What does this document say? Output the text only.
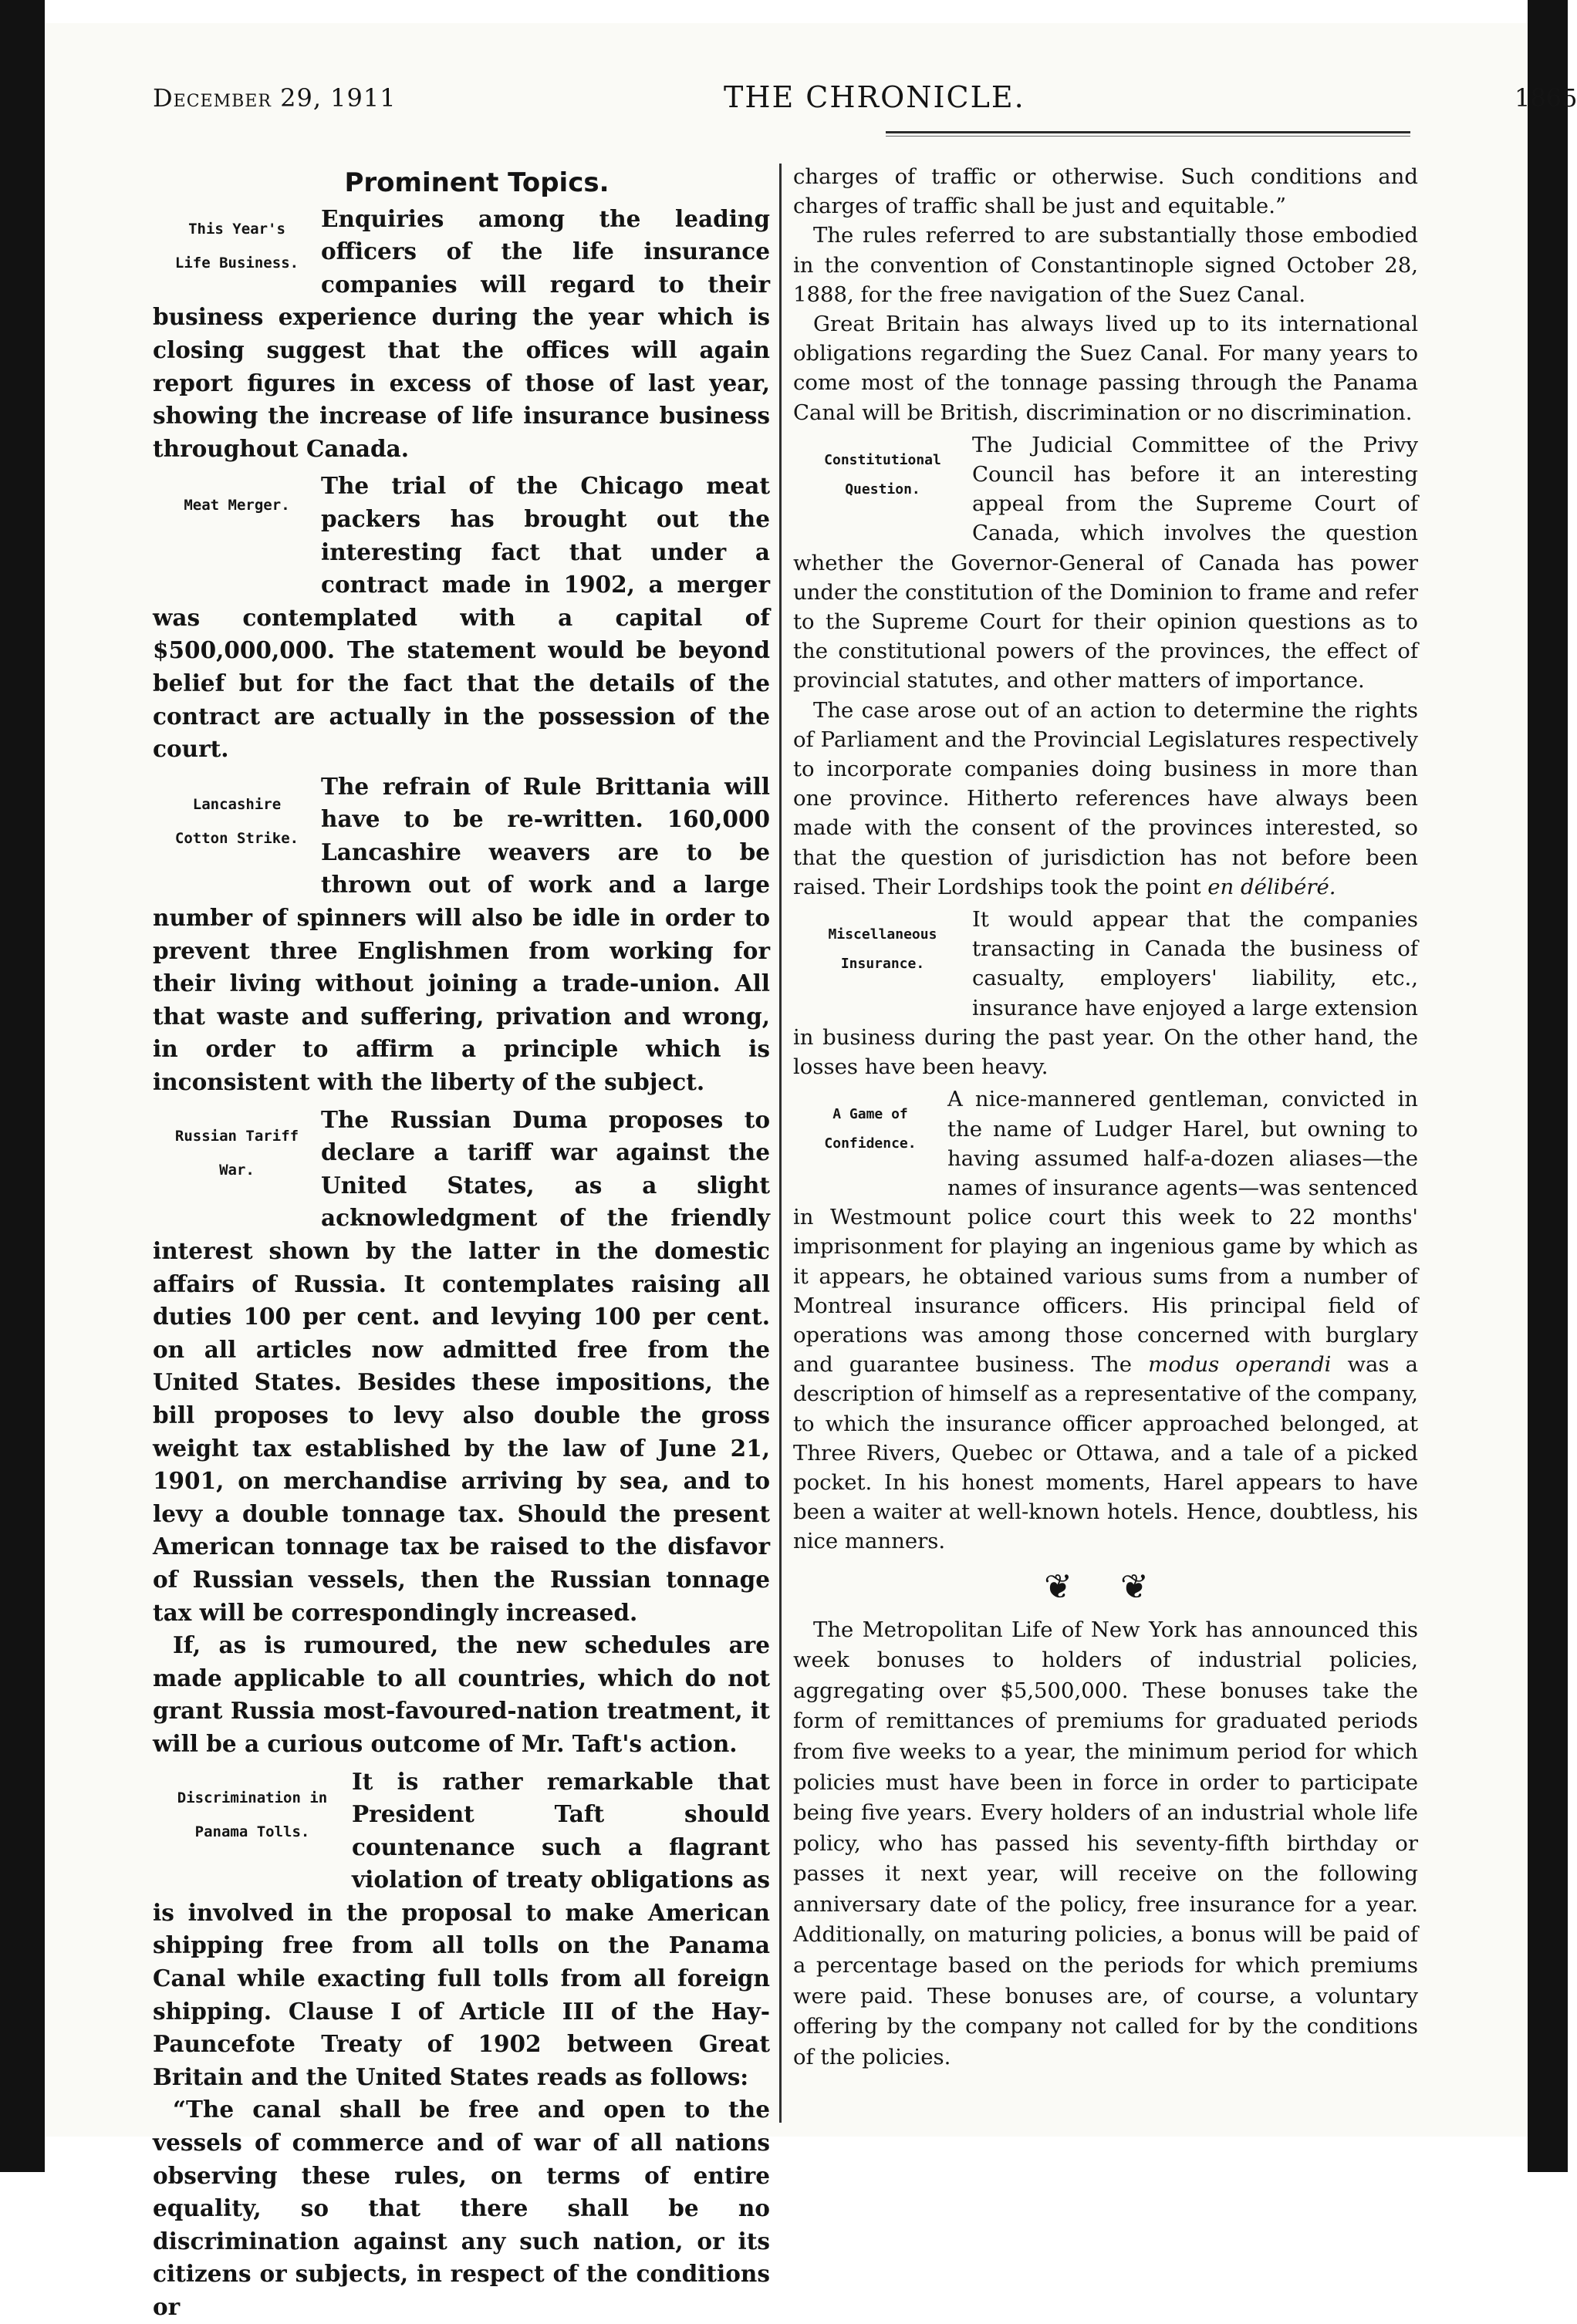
December 29, 1911	THE CHRONICLE.	1865
Prominent Topics.
This Year's
Life Business.

Enquiries among the leading officers of the life insurance companies will regard to their business experience during the year which is closing suggest that the offices will again report figures in excess of those of last year, showing the increase of life insurance business throughout Canada.

Meat Merger.

The trial of the Chicago meat packers has brought out the interesting fact that under a contract made in 1902, a merger was contemplated with a capital of $500,000,000. The statement would be beyond belief but for the fact that the details of the contract are actually in the possession of the court.

Lancashire
Cotton Strike.

The refrain of Rule Brittania will have to be re-written. 160,000 Lancashire weavers are to be thrown out of work and a large number of spinners will also be idle in order to prevent three Englishmen from working for their living without joining a trade-union. All that waste and suffering, privation and wrong, in order to affirm a principle which is inconsistent with the liberty of the subject.

Russian Tariff
War.

The Russian Duma proposes to declare a tariff war against the United States, as a slight acknowledgment of the friendly interest shown by the latter in the domestic affairs of Russia. It contemplates raising all duties 100 per cent. and levying 100 per cent. on all articles now admitted free from the United States. Besides these impositions, the bill proposes to levy also double the gross weight tax established by the law of June 21, 1901, on merchandise arriving by sea, and to levy a double tonnage tax. Should the present American tonnage tax be raised to the disfavor of Russian vessels, then the Russian tonnage tax will be correspondingly increased.

If, as is rumoured, the new schedules are made applicable to all countries, which do not grant Russia most-favoured-nation treatment, it will be a curious outcome of Mr. Taft's action.

Discrimination in
Panama Tolls.

It is rather remarkable that President Taft should countenance such a flagrant violation of treaty obligations as is involved in the proposal to make American shipping free from all tolls on the Panama Canal while exacting full tolls from all foreign shipping. Clause I of Article III of the Hay-Pauncefote Treaty of 1902 between Great Britain and the United States reads as follows:

“The canal shall be free and open to the vessels of commerce and of war of all nations observing these rules, on terms of entire equality, so that there shall be no discrimination against any such nation, or its citizens or subjects, in respect of the conditions or

charges of traffic or otherwise. Such conditions and charges of traffic shall be just and equitable.”

The rules referred to are substantially those embodied in the convention of Constantinople signed October 28, 1888, for the free navigation of the Suez Canal.

Great Britain has always lived up to its international obligations regarding the Suez Canal. For many years to come most of the tonnage passing through the Panama Canal will be British, discrimination or no discrimination.

Constitutional
Question.

The Judicial Committee of the Privy Council has before it an interesting appeal from the Supreme Court of Canada, which involves the question whether the Governor-General of Canada has power under the constitution of the Dominion to frame and refer to the Supreme Court for their opinion questions as to the constitutional powers of the provinces, the effect of provincial statutes, and other matters of importance.

The case arose out of an action to determine the rights of Parliament and the Provincial Legislatures respectively to incorporate companies doing business in more than one province. Hitherto references have always been made with the consent of the provinces interested, so that the question of jurisdiction has not before been raised. Their Lordships took the point en délibéré.

Miscellaneous
Insurance.

It would appear that the companies transacting in Canada the business of casualty, employers' liability, etc., insurance have enjoyed a large extension in business during the past year. On the other hand, the losses have been heavy.

A Game of
Confidence.

A nice-mannered gentleman, convicted in the name of Ludger Harel, but owning to having assumed half-a-dozen aliases—the names of insurance agents—was sentenced in Westmount police court this week to 22 months' imprisonment for playing an ingenious game by which as it appears, he obtained various sums from a number of Montreal insurance officers. His principal field of operations was among those concerned with burglary and guarantee business. The modus operandi was a description of himself as a representative of the company, to which the insurance officer approached belonged, at Three Rivers, Quebec or Ottawa, and a tale of a picked pocket. In his honest moments, Harel appears to have been a waiter at well-known hotels. Hence, doubtless, his nice manners.

❦ ❦

The Metropolitan Life of New York has announced this week bonuses to holders of industrial policies, aggregating over $5,500,000. These bonuses take the form of remittances of premiums for graduated periods from five weeks to a year, the minimum period for which policies must have been in force in order to participate being five years. Every holders of an industrial whole life policy, who has passed his seventy-fifth birthday or passes it next year, will receive on the following anniversary date of the policy, free insurance for a year. Additionally, on maturing policies, a bonus will be paid of a percentage based on the periods for which premiums were paid. These bonuses are, of course, a voluntary offering by the company not called for by the conditions of the policies.
